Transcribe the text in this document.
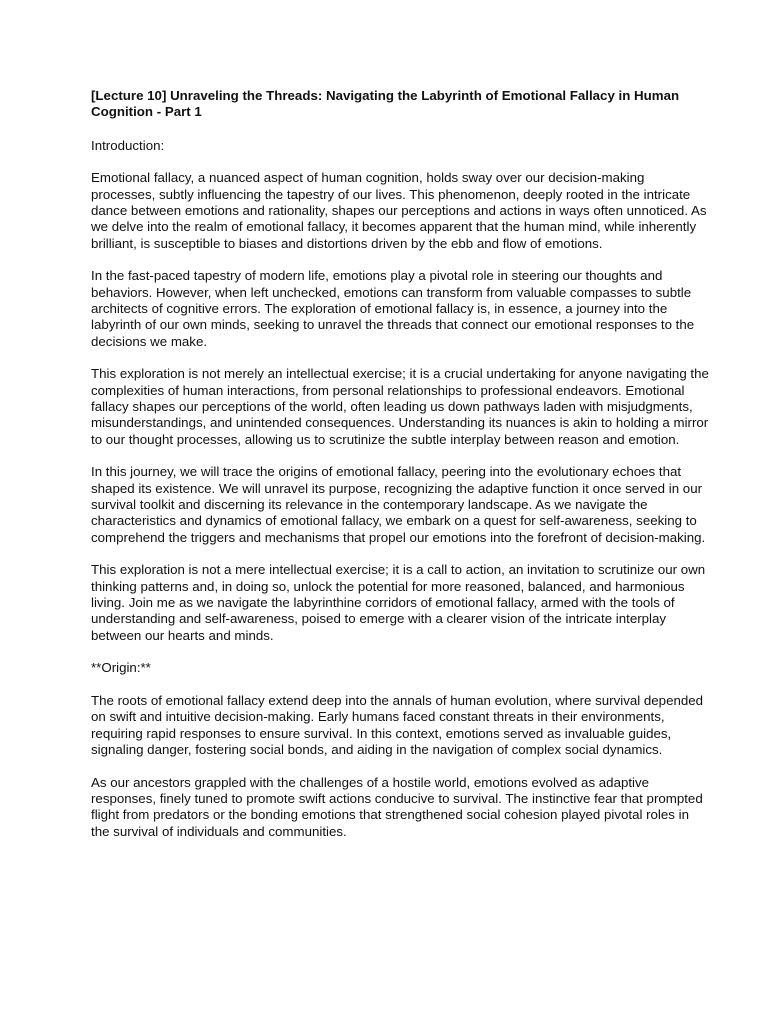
[Lecture 10] Unraveling the Threads: Navigating the Labyrinth of Emotional Fallacy in Human Cognition - Part 1
Introduction:
Emotional fallacy, a nuanced aspect of human cognition, holds sway over our decision-making processes, subtly influencing the tapestry of our lives. This phenomenon, deeply rooted in the intricate dance between emotions and rationality, shapes our perceptions and actions in ways often unnoticed. As we delve into the realm of emotional fallacy, it becomes apparent that the human mind, while inherently brilliant, is susceptible to biases and distortions driven by the ebb and flow of emotions.
In the fast-paced tapestry of modern life, emotions play a pivotal role in steering our thoughts and behaviors. However, when left unchecked, emotions can transform from valuable compasses to subtle architects of cognitive errors. The exploration of emotional fallacy is, in essence, a journey into the labyrinth of our own minds, seeking to unravel the threads that connect our emotional responses to the decisions we make.
This exploration is not merely an intellectual exercise; it is a crucial undertaking for anyone navigating the complexities of human interactions, from personal relationships to professional endeavors. Emotional fallacy shapes our perceptions of the world, often leading us down pathways laden with misjudgments, misunderstandings, and unintended consequences. Understanding its nuances is akin to holding a mirror to our thought processes, allowing us to scrutinize the subtle interplay between reason and emotion.
In this journey, we will trace the origins of emotional fallacy, peering into the evolutionary echoes that shaped its existence. We will unravel its purpose, recognizing the adaptive function it once served in our survival toolkit and discerning its relevance in the contemporary landscape. As we navigate the characteristics and dynamics of emotional fallacy, we embark on a quest for self-awareness, seeking to comprehend the triggers and mechanisms that propel our emotions into the forefront of decision-making.
This exploration is not a mere intellectual exercise; it is a call to action, an invitation to scrutinize our own thinking patterns and, in doing so, unlock the potential for more reasoned, balanced, and harmonious living. Join me as we navigate the labyrinthine corridors of emotional fallacy, armed with the tools of understanding and self-awareness, poised to emerge with a clearer vision of the intricate interplay between our hearts and minds.
**Origin:**
The roots of emotional fallacy extend deep into the annals of human evolution, where survival depended on swift and intuitive decision-making. Early humans faced constant threats in their environments, requiring rapid responses to ensure survival. In this context, emotions served as invaluable guides, signaling danger, fostering social bonds, and aiding in the navigation of complex social dynamics.
As our ancestors grappled with the challenges of a hostile world, emotions evolved as adaptive responses, finely tuned to promote swift actions conducive to survival. The instinctive fear that prompted flight from predators or the bonding emotions that strengthened social cohesion played pivotal roles in the survival of individuals and communities.
